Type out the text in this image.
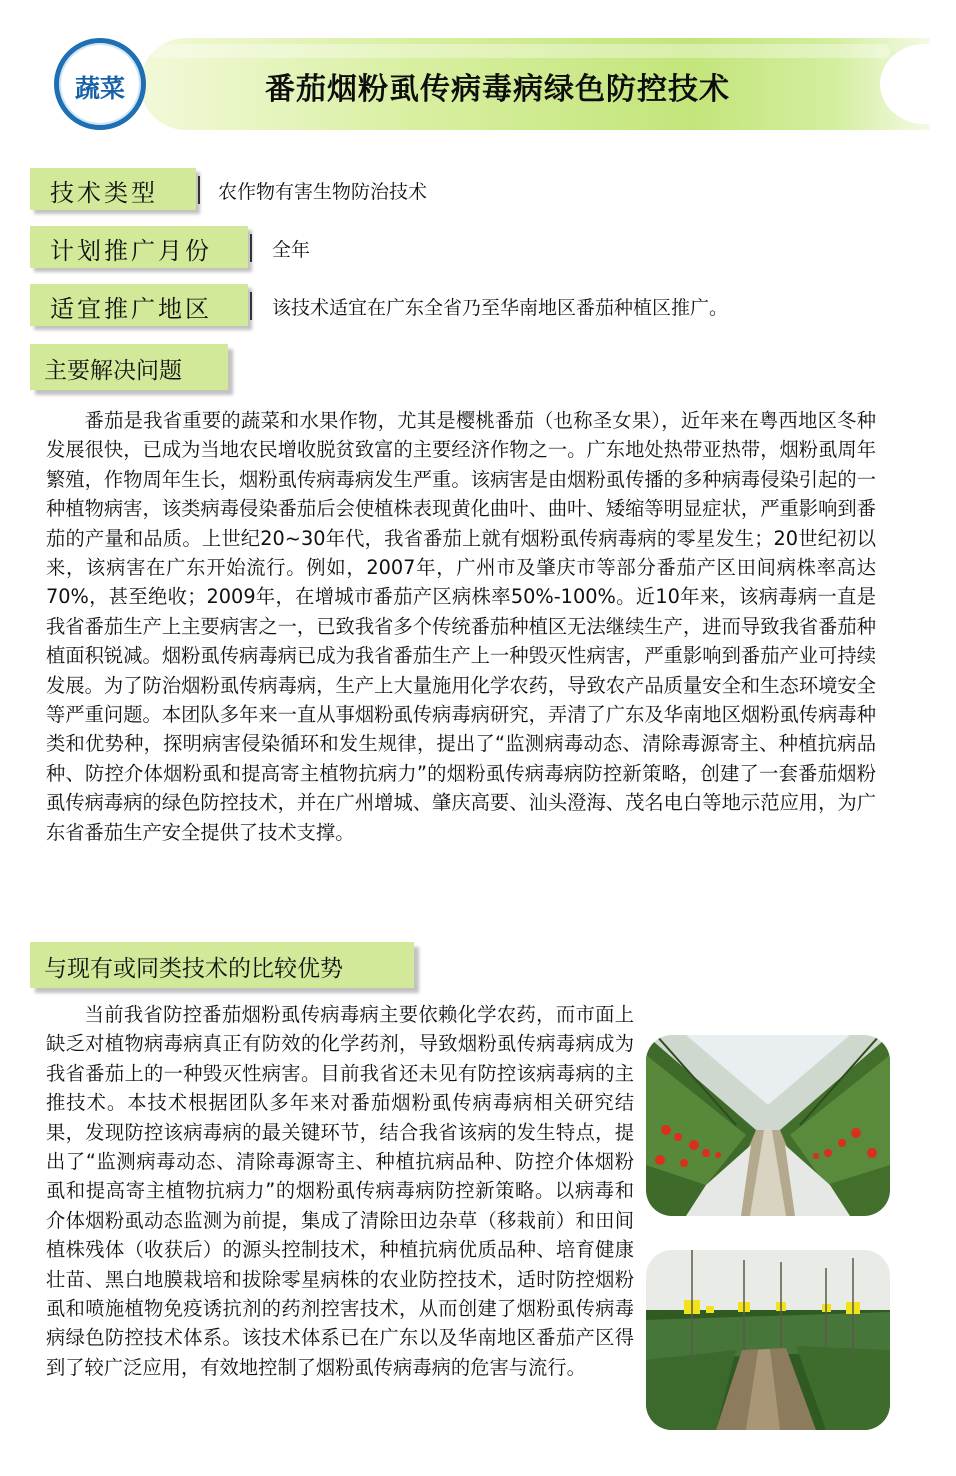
蔬菜	番茄烟粉虱传病毒病绿色防控技术
技术类型	农作物有害生物防治技术
计划推广月份	全年
适宜推广地区	该技术适宜在广东全省乃至华南地区番茄种植区推广。
主要解决问题
番茄是我省重要的蔬菜和水果作物，尤其是樱桃番茄（也称圣女果），近年来在粤西地区冬种发展很快，已成为当地农民增收脱贫致富的主要经济作物之一。广东地处热带亚热带，烟粉虱周年繁殖，作物周年生长，烟粉虱传病毒病发生严重。该病害是由烟粉虱传播的多种病毒侵染引起的一种植物病害，该类病毒侵染番茄后会使植株表现黄化曲叶、曲叶、矮缩等明显症状，严重影响到番茄的产量和品质。上世纪20~30年代，我省番茄上就有烟粉虱传病毒病的零星发生；20世纪初以来，该病害在广东开始流行。例如，2007年，广州市及肇庆市等部分番茄产区田间病株率高达70%，甚至绝收；2009年，在增城市番茄产区病株率50%-100%。近10年来，该病毒病一直是我省番茄生产上主要病害之一，已致我省多个传统番茄种植区无法继续生产，进而导致我省番茄种植面积锐减。烟粉虱传病毒病已成为我省番茄生产上一种毁灭性病害，严重影响到番茄产业可持续发展。为了防治烟粉虱传病毒病，生产上大量施用化学农药，导致农产品质量安全和生态环境安全等严重问题。本团队多年来一直从事烟粉虱传病毒病研究，弄清了广东及华南地区烟粉虱传病毒种类和优势种，探明病害侵染循环和发生规律，提出了“监测病毒动态、清除毒源寄主、种植抗病品种、防控介体烟粉虱和提高寄主植物抗病力”的烟粉虱传病毒病防控新策略，创建了一套番茄烟粉虱传病毒病的绿色防控技术，并在广州增城、肇庆高要、汕头澄海、茂名电白等地示范应用，为广东省番茄生产安全提供了技术支撑。
与现有或同类技术的比较优势
当前我省防控番茄烟粉虱传病毒病主要依赖化学农药，而市面上缺乏对植物病毒病真正有防效的化学药剂，导致烟粉虱传病毒病成为我省番茄上的一种毁灭性病害。目前我省还未见有防控该病毒病的主推技术。本技术根据团队多年来对番茄烟粉虱传病毒病相关研究结果，发现防控该病毒病的最关键环节，结合我省该病的发生特点，提出了“监测病毒动态、清除毒源寄主、种植抗病品种、防控介体烟粉虱和提高寄主植物抗病力”的烟粉虱传病毒病防控新策略。以病毒和介体烟粉虱动态监测为前提，集成了清除田边杂草（移栽前）和田间植株残体（收获后）的源头控制技术，种植抗病优质品种、培育健康壮苗、黑白地膜栽培和拔除零星病株的农业防控技术，适时防控烟粉虱和喷施植物免疫诱抗剂的药剂控害技术，从而创建了烟粉虱传病毒病绿色防控技术体系。该技术体系已在广东以及华南地区番茄产区得到了较广泛应用，有效地控制了烟粉虱传病毒病的危害与流行。
